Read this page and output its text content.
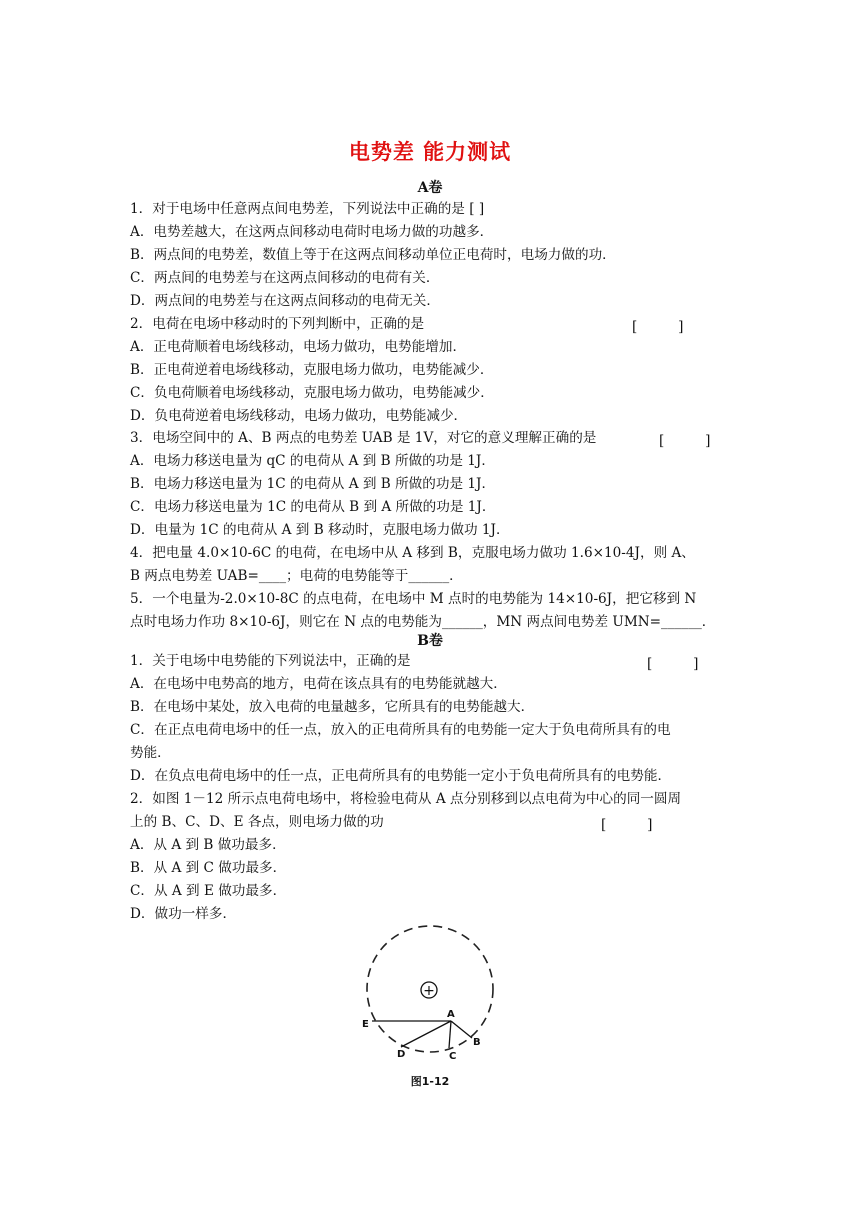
电势差 能力测试
A卷
1．对于电场中任意两点间电势差，下列说法中正确的是 [ ]
A．电势差越大，在这两点间移动电荷时电场力做的功越多．
B．两点间的电势差，数值上等于在这两点间移动单位正电荷时，电场力做的功．
C．两点间的电势差与在这两点间移动的电荷有关．
D．两点间的电势差与在这两点间移动的电荷无关．
2．电荷在电场中移动时的下列判断中，正确的是	[　　　]
A．正电荷顺着电场线移动，电场力做功，电势能增加．
B．正电荷逆着电场线移动，克服电场力做功，电势能减少．
C．负电荷顺着电场线移动，克服电场力做功，电势能减少．
D．负电荷逆着电场线移动，电场力做功，电势能减少．
3．电场空间中的 A、B 两点的电势差 UAB 是 1V，对它的意义理解正确的是	[　　　]
A．电场力移送电量为 qC 的电荷从 A 到 B 所做的功是 1J．
B．电场力移送电量为 1C 的电荷从 A 到 B 所做的功是 1J．
C．电场力移送电量为 1C 的电荷从 B 到 A 所做的功是 1J．
D．电量为 1C 的电荷从 A 到 B 移动时，克服电场力做功 1J．
4．把电量 4.0×10-6C 的电荷，在电场中从 A 移到 B，克服电场力做功 1.6×10-4J，则 A、
B 两点电势差 UAB=____；电荷的电势能等于______．
5．一个电量为-2.0×10-8C 的点电荷，在电场中 M 点时的电势能为 14×10-6J，把它移到 N
点时电场力作功 8×10-6J，则它在 N 点的电势能为______，MN 两点间电势差 UMN=______．
B卷
1．关于电场中电势能的下列说法中，正确的是	[　　　]
A．在电场中电势高的地方，电荷在该点具有的电势能就越大．
B．在电场中某处，放入电荷的电量越多，它所具有的电势能越大．
C．在正点电荷电场中的任一点，放入的正电荷所具有的电势能一定大于负电荷所具有的电
势能．
D．在负点电荷电场中的任一点，正电荷所具有的电势能一定小于负电荷所具有的电势能．
2．如图 1－12 所示点电荷电场中，将检验电荷从 A 点分别移到以点电荷为中心的同一圆周
上的 B、C、D、E 各点，则电场力做的功	[　　　]
A．从 A 到 B 做功最多．
B．从 A 到 C 做功最多．
C．从 A 到 E 做功最多．
D．做功一样多．
+
A
B
C
D
E
图1-12
